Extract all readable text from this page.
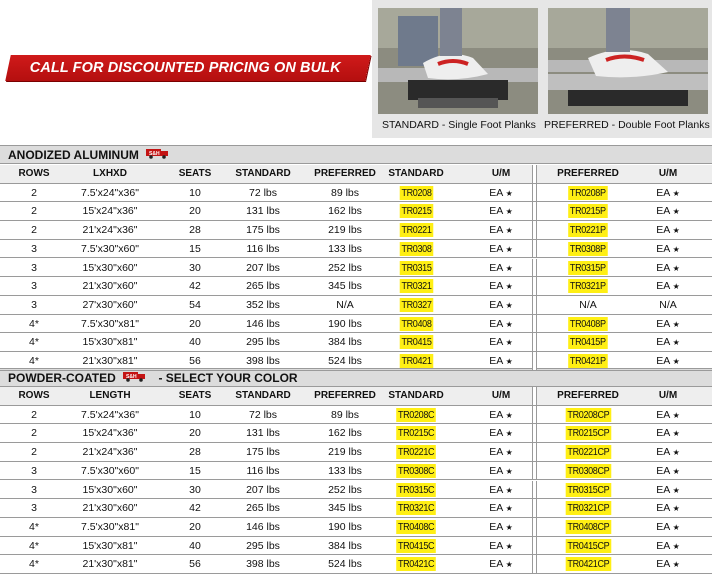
CALL FOR DISCOUNTED PRICING ON BULK ORDERS!
STANDARD - Single Foot Planks PREFERRED - Double Foot Planks
ANODIZED ALUMINUM S&H
POWDER-COATED S&H - SELECT YOUR COLOR
ROWS	LXHXD	SEATS	STANDARD	PREFERRED	STANDARD	U/M	PREFERRED	U/M
2	7.5'x24"x36"	10	72 lbs	89 lbs	TR0208	EA ★	TR0208P	EA ★
2	15'x24"x36"	20	131 lbs	162 lbs	TR0215	EA ★	TR0215P	EA ★
2	21'x24"x36"	28	175 lbs	219 lbs	TR0221	EA ★	TR0221P	EA ★
3	7.5'x30"x60"	15	116 lbs	133 lbs	TR0308	EA ★	TR0308P	EA ★
3	15'x30"x60"	30	207 lbs	252 lbs	TR0315	EA ★	TR0315P	EA ★
3	21'x30"x60"	42	265 lbs	345 lbs	TR0321	EA ★	TR0321P	EA ★
3	27'x30"x60"	54	352 lbs	N/A	TR0327	EA ★	N/A	N/A
4*	7.5'x30"x81"	20	146 lbs	190 lbs	TR0408	EA ★	TR0408P	EA ★
4*	15'x30"x81"	40	295 lbs	384 lbs	TR0415	EA ★	TR0415P	EA ★
4*	21'x30"x81"	56	398 lbs	524 lbs	TR0421	EA ★	TR0421P	EA ★
ROWS	LENGTH	SEATS	STANDARD	PREFERRED	STANDARD	U/M	PREFERRED	U/M
2	7.5'x24"x36"	10	72 lbs	89 lbs	TR0208C	EA ★	TR0208CP	EA ★
2	15'x24"x36"	20	131 lbs	162 lbs	TR0215C	EA ★	TR0215CP	EA ★
2	21'x24"x36"	28	175 lbs	219 lbs	TR0221C	EA ★	TR0221CP	EA ★
3	7.5'x30"x60"	15	116 lbs	133 lbs	TR0308C	EA ★	TR0308CP	EA ★
3	15'x30"x60"	30	207 lbs	252 lbs	TR0315C	EA ★	TR0315CP	EA ★
3	21'x30"x60"	42	265 lbs	345 lbs	TR0321C	EA ★	TR0321CP	EA ★
4*	7.5'x30"x81"	20	146 lbs	190 lbs	TR0408C	EA ★	TR0408CP	EA ★
4*	15'x30"x81"	40	295 lbs	384 lbs	TR0415C	EA ★	TR0415CP	EA ★
4*	21'x30"x81"	56	398 lbs	524 lbs	TR0421C	EA ★	TR0421CP	EA ★
